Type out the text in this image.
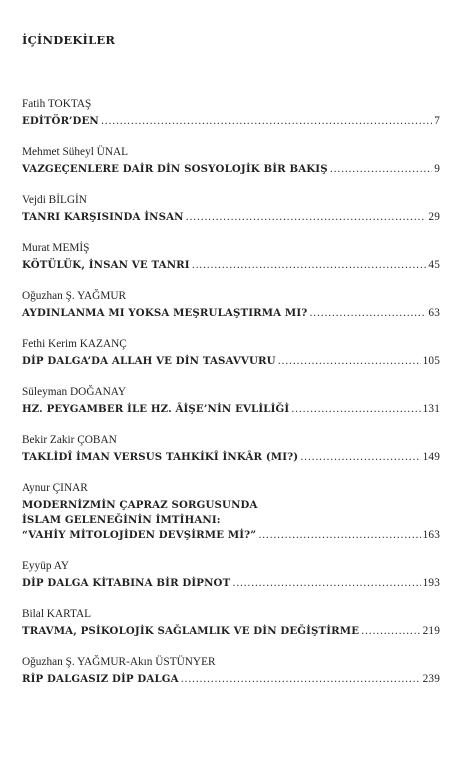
İÇİNDEKİLER
Fatih TOKTAŞ
EDİTÖR’DEN .....	7
Mehmet Süheyl ÜNAL
VAZGEÇENLERE DAİR DİN SOSYOLOJİK BİR BAKIŞ .....	9
Vejdi BİLGİN
TANRI KARŞISINDA İNSAN .....	29
Murat MEMİŞ
KÖTÜLÜK, İNSAN VE TANRI .....	45
Oğuzhan Ş. YAĞMUR
AYDINLANMA MI YOKSA MEŞRULAŞTIRMA MI? .....	63
Fethi Kerim KAZANÇ
DİP DALGA’DA ALLAH VE DİN TASAVVURU .....	105
Süleyman DOĞANAY
HZ. PEYGAMBER İLE HZ. ÂİŞE’NİN EVLİLİĞİ .....	131
Bekir Zakir ÇOBAN
TAKLİDÎ İMAN VERSUS TAHKİKÎ İNKÂR (MI?) .....	149
Aynur ÇINAR
MODERNİZMİN ÇAPRAZ SORGUSUNDA
İSLAM GELENEĞİNİN İMTİHANI:
“VAHİY MİTOLOJİDEN DEVŞİRME Mİ?” .....	163
Eyyüp AY
DİP DALGA KİTABINA BİR DİPNOT .....	193
Bilal KARTAL
TRAVMA, PSİKOLOJİK SAĞLAMLIK VE DİN DEĞİŞTİRME .....	219
Oğuzhan Ş. YAĞMUR-Akın ÜSTÜNYER
RİP DALGASIZ DİP DALGA .....	239
